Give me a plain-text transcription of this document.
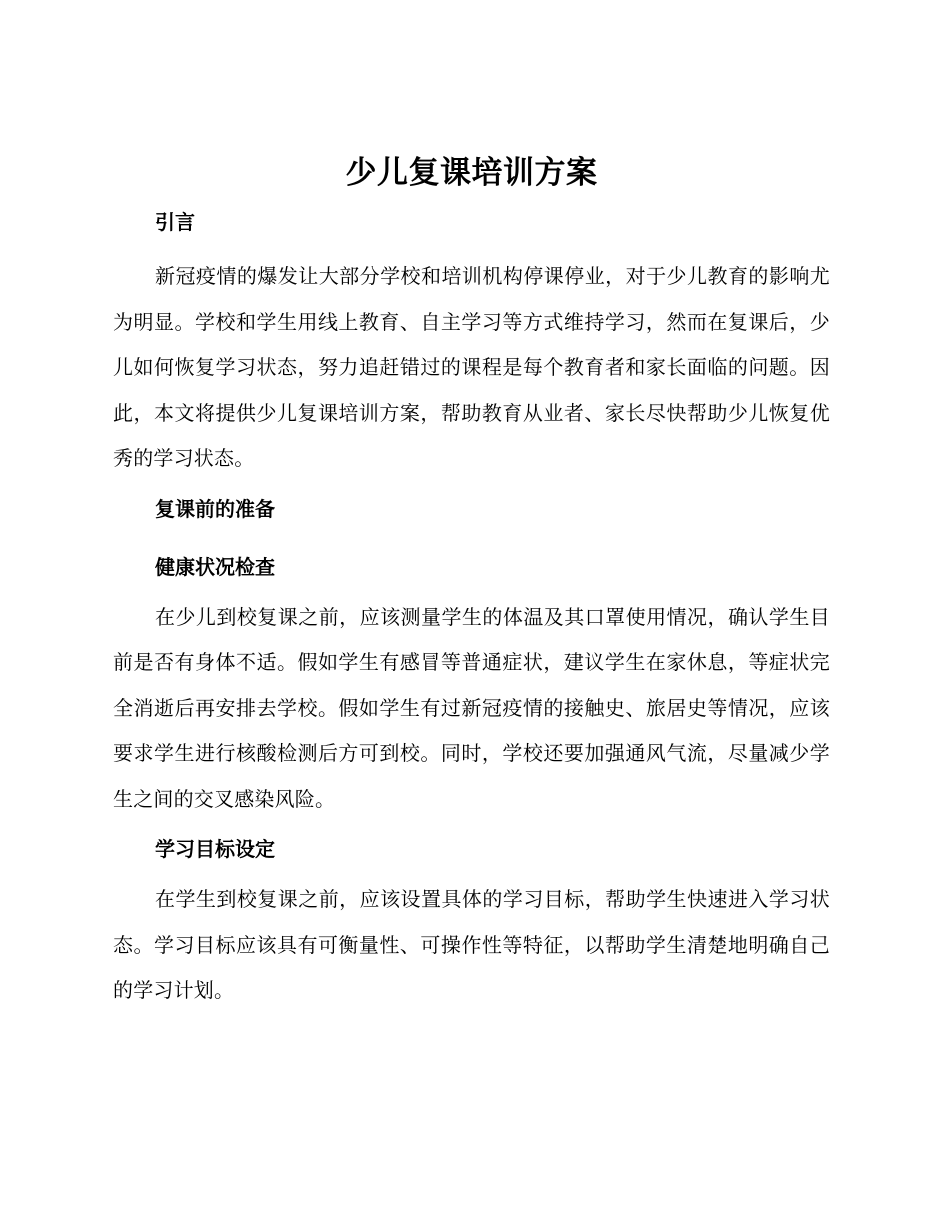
少儿复课培训方案
引言

新冠疫情的爆发让大部分学校和培训机构停课停业，对于少儿教育的影响尤为明显。学校和学生用线上教育、自主学习等方式维持学习，然而在复课后，少儿如何恢复学习状态，努力追赶错过的课程是每个教育者和家长面临的问题。因此，本文将提供少儿复课培训方案，帮助教育从业者、家长尽快帮助少儿恢复优秀的学习状态。

复课前的准备
健康状况检查

在少儿到校复课之前，应该测量学生的体温及其口罩使用情况，确认学生目前是否有身体不适。假如学生有感冒等普通症状，建议学生在家休息，等症状完全消逝后再安排去学校。假如学生有过新冠疫情的接触史、旅居史等情况，应该要求学生进行核酸检测后方可到校。同时，学校还要加强通风气流，尽量减少学生之间的交叉感染风险。

学习目标设定

在学生到校复课之前，应该设置具体的学习目标，帮助学生快速进入学习状态。学习目标应该具有可衡量性、可操作性等特征，以帮助学生清楚地明确自己的学习计划。
